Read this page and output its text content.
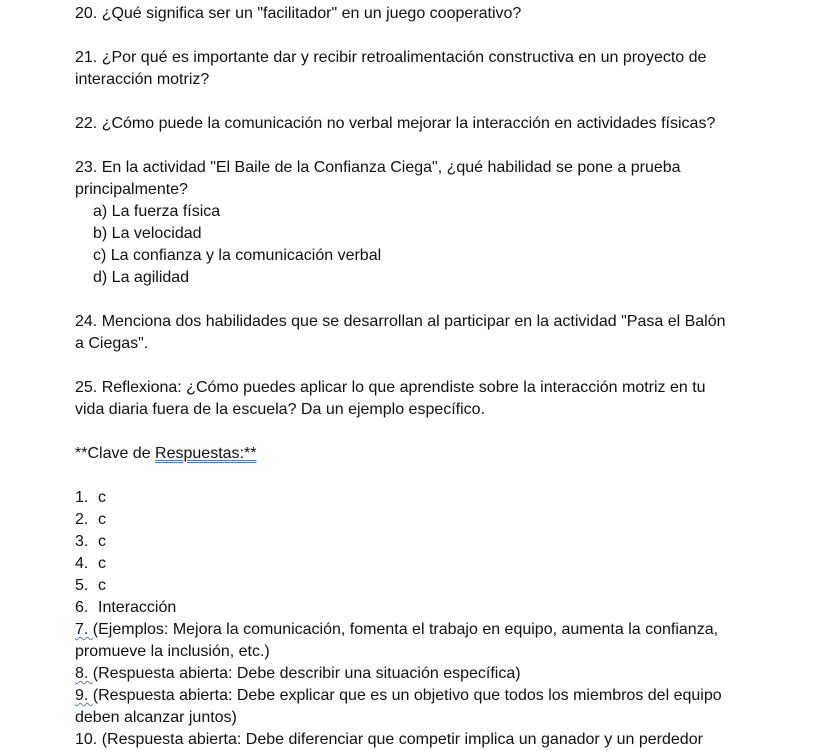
20. ¿Qué significa ser un "facilitador" en un juego cooperativo?
21. ¿Por qué es importante dar y recibir retroalimentación constructiva en un proyecto de
interacción motriz?
22. ¿Cómo puede la comunicación no verbal mejorar la interacción en actividades físicas?
23. En la actividad "El Baile de la Confianza Ciega", ¿qué habilidad se pone a prueba
principalmente?
a) La fuerza física
b) La velocidad
c) La confianza y la comunicación verbal
d) La agilidad
24. Menciona dos habilidades que se desarrollan al participar en la actividad "Pasa el Balón
a Ciegas".
25. Reflexiona: ¿Cómo puedes aplicar lo que aprendiste sobre la interacción motriz en tu
vida diaria fuera de la escuela? Da un ejemplo específico.
**Clave de Respuestas:**
1. c
2. c
3. c
4. c
5. c
6. Interacción
7. (Ejemplos: Mejora la comunicación, fomenta el trabajo en equipo, aumenta la confianza,
promueve la inclusión, etc.)
8. (Respuesta abierta: Debe describir una situación específica)
9. (Respuesta abierta: Debe explicar que es un objetivo que todos los miembros del equipo
deben alcanzar juntos)
10. (Respuesta abierta: Debe diferenciar que competir implica un ganador y un perdedor
